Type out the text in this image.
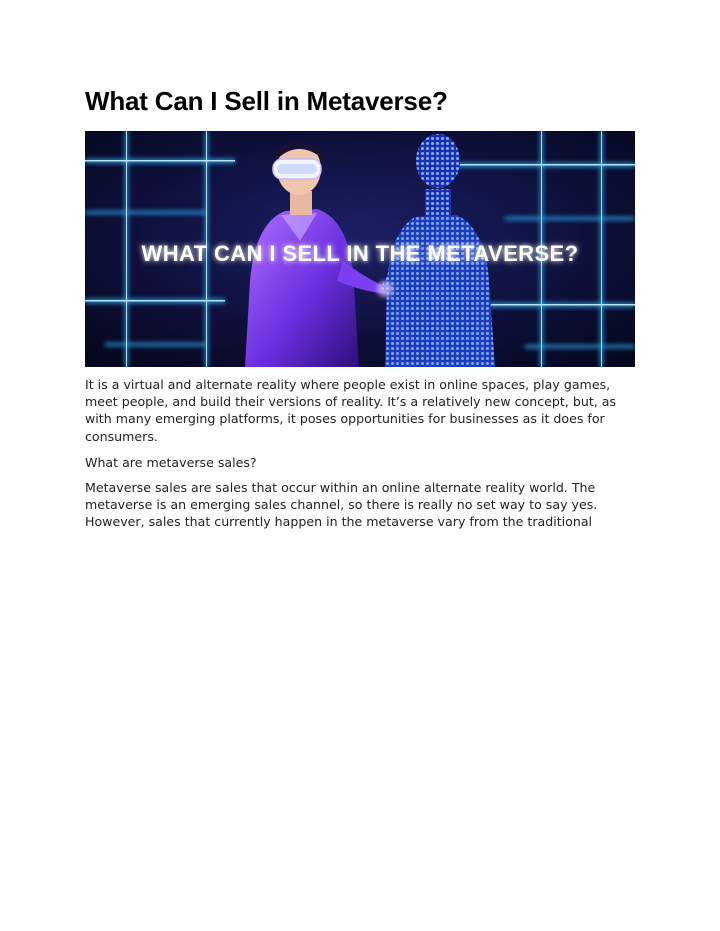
What Can I Sell in Metaverse?
WHAT CAN I SELL IN THE METAVERSE?

It is a virtual and alternate reality where people exist in online spaces, play games, meet people, and build their versions of reality. It’s a relatively new concept, but, as with many emerging platforms, it poses opportunities for businesses as it does for consumers.

What are metaverse sales?

Metaverse sales are sales that occur within an online alternate reality world. The metaverse is an emerging sales channel, so there is really no set way to say yes. However, sales that currently happen in the metaverse vary from the traditional
